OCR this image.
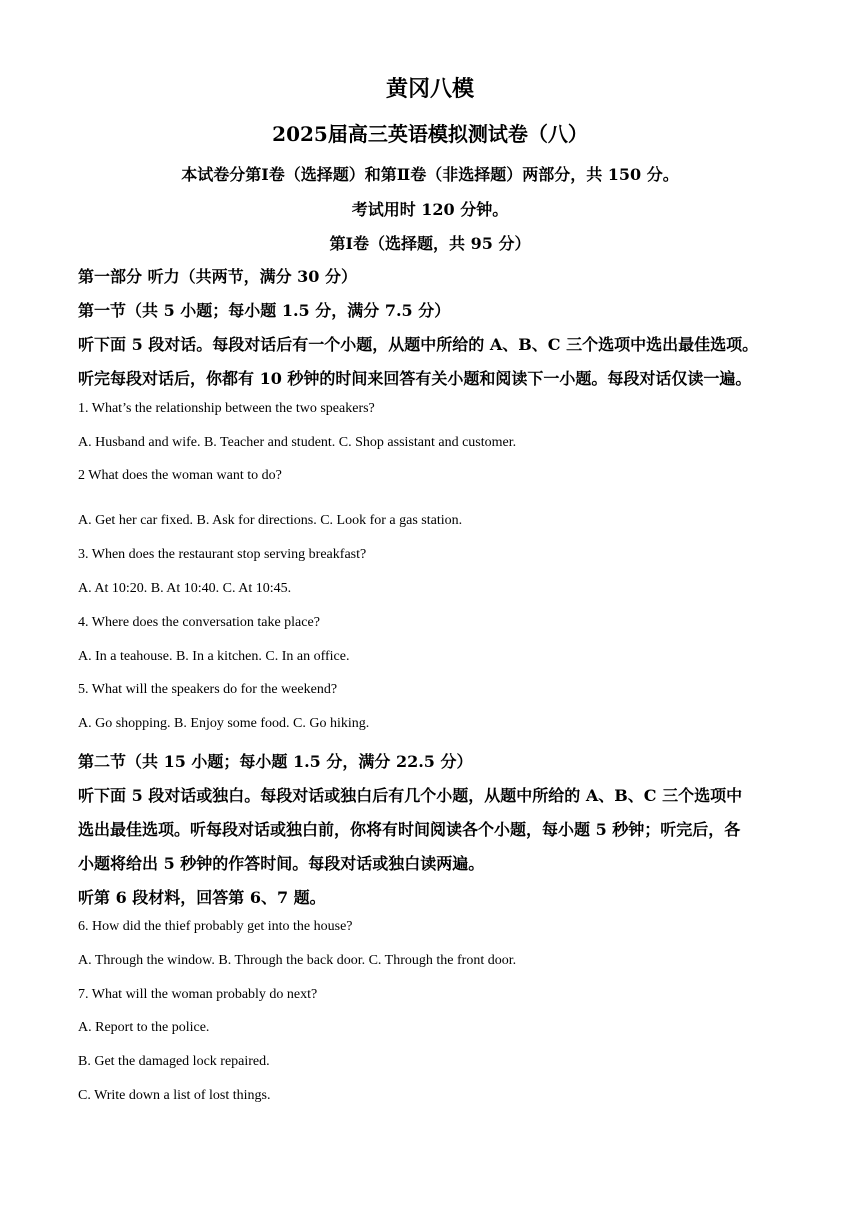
黄冈八模
2025届高三英语模拟测试卷（八）
本试卷分第Ⅰ卷（选择题）和第Ⅱ卷（非选择题）两部分，共 150 分。
考试用时 120 分钟。
第Ⅰ卷（选择题，共 95 分）
第一部分 听力（共两节，满分 30 分）
第一节（共 5 小题；每小题 1.5 分，满分 7.5 分）
听下面 5 段对话。每段对话后有一个小题，从题中所给的 A、B、C 三个选项中选出最佳选项。
听完每段对话后，你都有 10 秒钟的时间来回答有关小题和阅读下一小题。每段对话仅读一遍。
1. What’s the relationship between the two speakers?
A. Husband and wife. B. Teacher and student. C. Shop assistant and customer.
2 What does the woman want to do?
A. Get her car fixed. B. Ask for directions. C. Look for a gas station.
3. When does the restaurant stop serving breakfast?
A. At 10:20. B. At 10:40. C. At 10:45.
4. Where does the conversation take place?
A. In a teahouse. B. In a kitchen. C. In an office.
5. What will the speakers do for the weekend?
A. Go shopping. B. Enjoy some food. C. Go hiking.
第二节（共 15 小题；每小题 1.5 分，满分 22.5 分）
听下面 5 段对话或独白。每段对话或独白后有几个小题，从题中所给的 A、B、C 三个选项中
选出最佳选项。听每段对话或独白前，你将有时间阅读各个小题，每小题 5 秒钟；听完后，各
小题将给出 5 秒钟的作答时间。每段对话或独白读两遍。
听第 6 段材料，回答第 6、7 题。
6. How did the thief probably get into the house?
A. Through the window. B. Through the back door. C. Through the front door.
7. What will the woman probably do next?
A. Report to the police.
B. Get the damaged lock repaired.
C. Write down a list of lost things.
